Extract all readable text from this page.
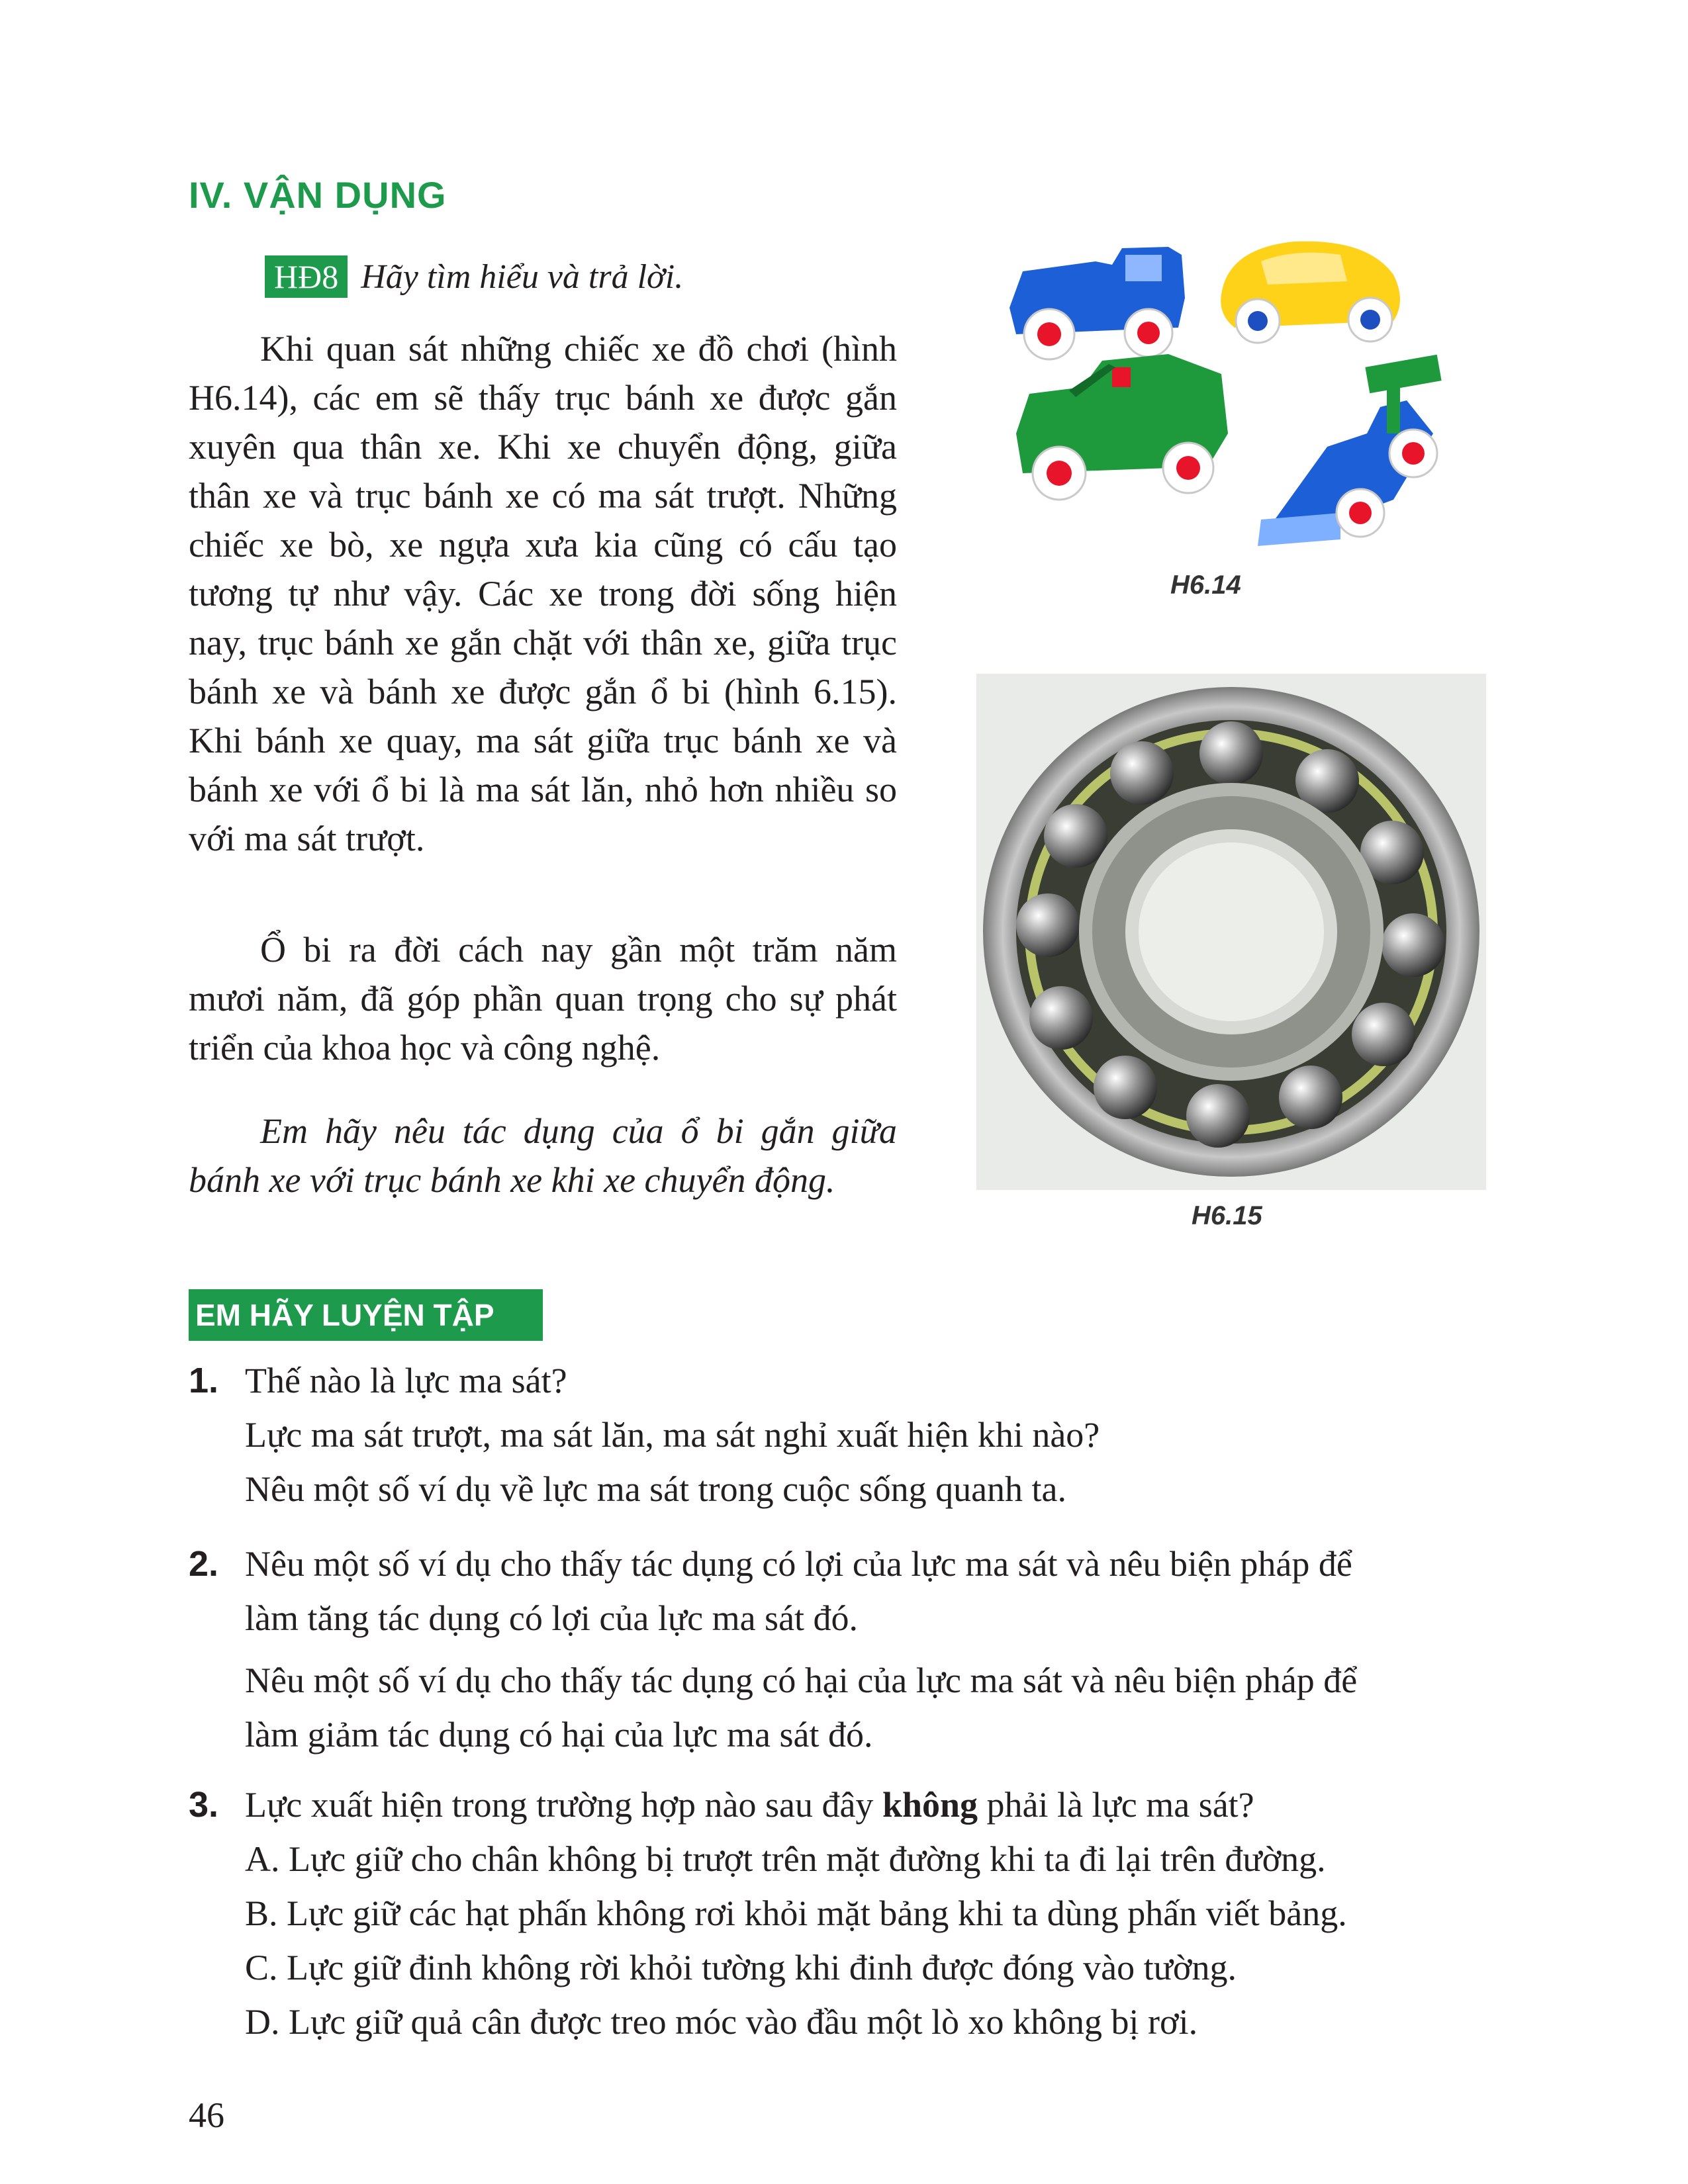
IV. VẬN DỤNG
HĐ8 Hãy tìm hiểu và trả lời.

Khi quan sát những chiếc xe đồ chơi (hình H6.14), các em sẽ thấy trục bánh xe được gắn xuyên qua thân xe. Khi xe chuyển động, giữa thân xe và trục bánh xe có ma sát trượt. Những chiếc xe bò, xe ngựa xưa kia cũng có cấu tạo tương tự như vậy. Các xe trong đời sống hiện nay, trục bánh xe gắn chặt với thân xe, giữa trục bánh xe và bánh xe được gắn ổ bi (hình 6.15). Khi bánh xe quay, ma sát giữa trục bánh xe và bánh xe với ổ bi là ma sát lăn, nhỏ hơn nhiều so với ma sát trượt.

Ổ bi ra đời cách nay gần một trăm năm mươi năm, đã góp phần quan trọng cho sự phát triển của khoa học và công nghệ.

Em hãy nêu tác dụng của ổ bi gắn giữa bánh xe với trục bánh xe khi xe chuyển động.

H6.14
H6.15
EM HÃY LUYỆN TẬP
1. Thế nào là lực ma sát?
Lực ma sát trượt, ma sát lăn, ma sát nghỉ xuất hiện khi nào?
Nêu một số ví dụ về lực ma sát trong cuộc sống quanh ta.
2. Nêu một số ví dụ cho thấy tác dụng có lợi của lực ma sát và nêu biện pháp để
làm tăng tác dụng có lợi của lực ma sát đó.
Nêu một số ví dụ cho thấy tác dụng có hại của lực ma sát và nêu biện pháp để
làm giảm tác dụng có hại của lực ma sát đó.
3. Lực xuất hiện trong trường hợp nào sau đây không phải là lực ma sát?
A. Lực giữ cho chân không bị trượt trên mặt đường khi ta đi lại trên đường.
B. Lực giữ các hạt phấn không rơi khỏi mặt bảng khi ta dùng phấn viết bảng.
C. Lực giữ đinh không rời khỏi tường khi đinh được đóng vào tường.
D. Lực giữ quả cân được treo móc vào đầu một lò xo không bị rơi.
46
